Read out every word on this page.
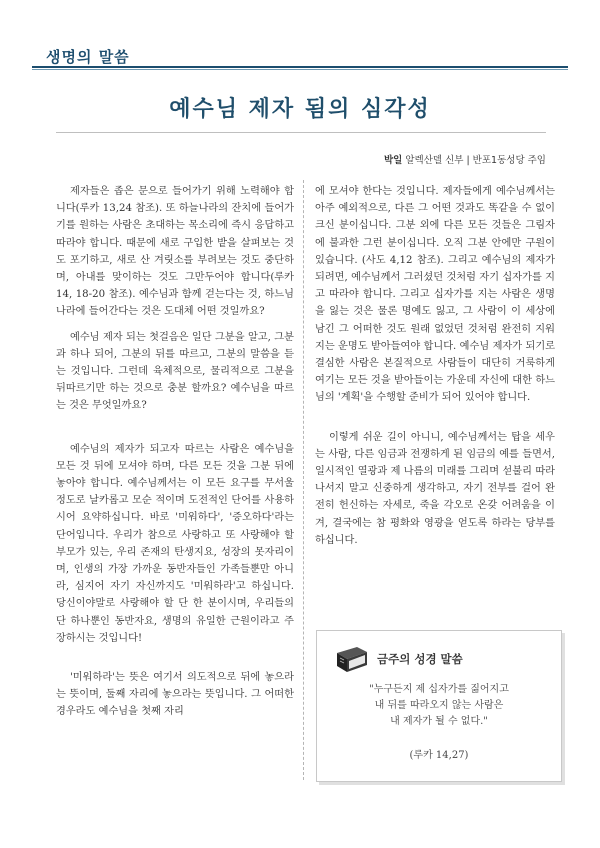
생명의 말씀
예수님 제자 됨의 심각성
박일 알렉산델 신부 | 반포1동성당 주임

제자들은 좁은 문으로 들어가기 위해 노력해야 합니다(루카 13,24 참조). 또 하늘나라의 잔치에 들어가기를 원하는 사람은 초대하는 목소리에 즉시 응답하고 따라야 합니다. 때문에 새로 구입한 밭을 살펴보는 것도 포기하고, 새로 산 겨릿소를 부려보는 것도 중단하며, 아내를 맞이하는 것도 그만두어야 합니다(루카 14, 18-20 참조). 예수님과 함께 걷는다는 것, 하느님 나라에 들어간다는 것은 도대체 어떤 것일까요?

예수님 제자 되는 첫걸음은 일단 그분을 알고, 그분과 하나 되어, 그분의 뒤를 따르고, 그분의 말씀을 듣는 것입니다. 그런데 육체적으로, 물리적으로 그분을 뒤따르기만 하는 것으로 충분 할까요? 예수님을 따르는 것은 무엇일까요?

예수님의 제자가 되고자 따르는 사람은 예수님을 모든 것 뒤에 모셔야 하며, 다른 모든 것을 그분 뒤에 놓아야 합니다. 예수님께서는 이 모든 요구를 무서울 정도로 날카롭고 모순 적이며 도전적인 단어를 사용하시어 요약하십니다. 바로 '미워하다', '증오하다'라는 단어입니다. 우리가 참으로 사랑하고 또 사랑해야 할 부모가 있는, 우리 존재의 탄생지요, 성장의 못자리이며, 인생의 가장 가까운 동반자들인 가족들뿐만 아니라, 심지어 자기 자신까지도 '미워하라'고 하십니다. 당신이야말로 사랑해야 할 단 한 분이시며, 우리들의 단 하나뿐인 동반자요, 생명의 유일한 근원이라고 주장하시는 것입니다!

'미워하라'는 뜻은 여기서 의도적으로 뒤에 놓으라는 뜻이며, 둘째 자리에 놓으라는 뜻입니다. 그 어떠한 경우라도 예수님을 첫째 자리

에 모셔야 한다는 것입니다. 제자들에게 예수님께서는 아주 예외적으로, 다른 그 어떤 것과도 똑같을 수 없이 크신 분이십니다. 그분 외에 다른 모든 것들은 그림자에 불과한 그런 분이십니다. 오직 그분 안에만 구원이 있습니다. (사도 4,12 참조). 그리고 예수님의 제자가 되려면, 예수님께서 그러셨던 것처럼 자기 십자가를 지고 따라야 합니다. 그리고 십자가를 지는 사람은 생명을 잃는 것은 물론 명예도 잃고, 그 사람이 이 세상에 남긴 그 어떠한 것도 원래 없었던 것처럼 완전히 지워지는 운명도 받아들여야 합니다. 예수님 제자가 되기로 결심한 사람은 본질적으로 사람들이 대단히 거룩하게 여기는 모든 것을 받아들이는 가운데 자신에 대한 하느님의 '계획'을 수행할 준비가 되어 있어야 합니다.

이렇게 쉬운 길이 아니니, 예수님께서는 탑을 세우는 사람, 다른 임금과 전쟁하게 된 임금의 예를 들면서, 일시적인 열광과 제 나름의 미래를 그리며 섣불리 따라나서지 말고 신중하게 생각하고, 자기 전부를 걸어 완전히 헌신하는 자세로, 죽을 각오로 온갖 어려움을 이겨, 결국에는 참 평화와 영광을 얻도록 하라는 당부를 하십니다.

금주의 성경 말씀
"누구든지 제 십자가를 짊어지고
내 뒤를 따라오지 않는 사람은
내 제자가 될 수 없다."
(루카 14,27)
